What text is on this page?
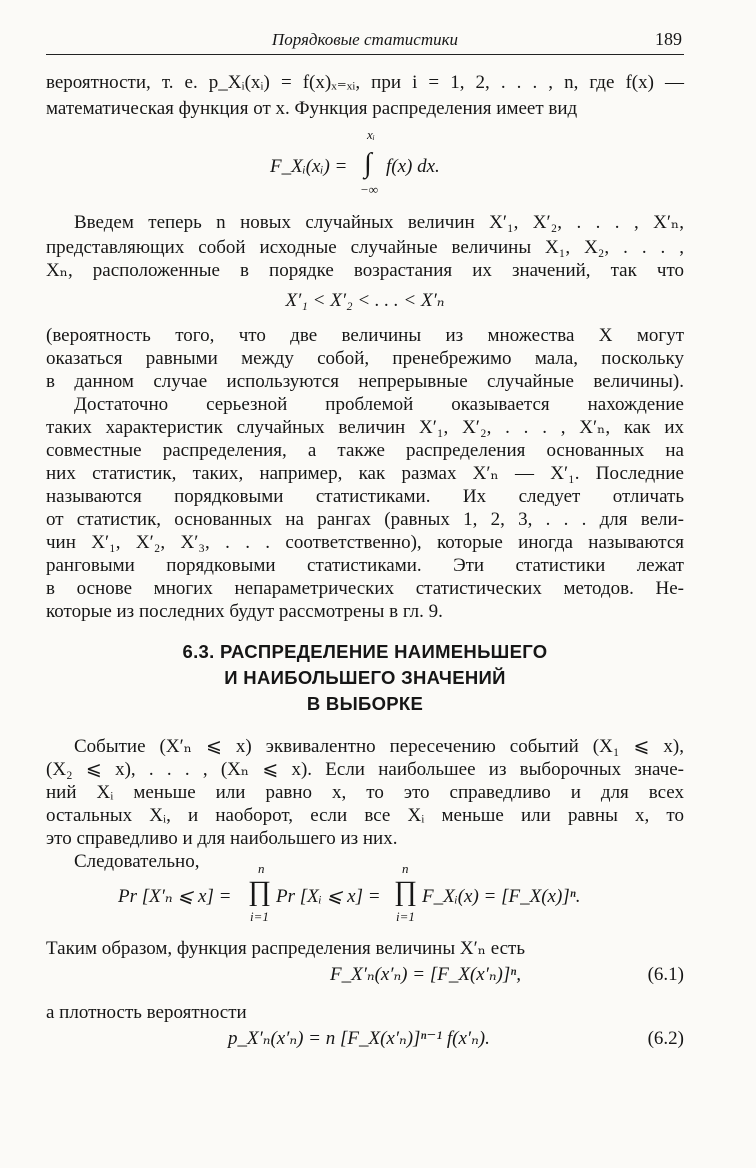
Порядковые статистики	189
вероятности, т. е. p_Xᵢ(xᵢ) = f(x)ₓ₌ₓᵢ, при i = 1, 2, . . . , n, где f(x) —
математическая функция от x. Функция распределения имеет вид
xᵢ
F_Xᵢ(xᵢ) = ∫ f(x) dx.
−∞
Введем теперь n новых случайных величин X′₁, X′₂, . . . , X′ₙ,
представляющих собой исходные случайные величины X₁, X₂, . . . ,
Xₙ, расположенные в порядке возрастания их значений, так что
X′₁ < X′₂ < . . . < X′ₙ
(вероятность того, что две величины из множества X могут
оказаться равными между собой, пренебрежимо мала, поскольку
в данном случае используются непрерывные случайные величины).
Достаточно серьезной проблемой оказывается нахождение
таких характеристик случайных величин X′₁, X′₂, . . . , X′ₙ, как их
совместные распределения, а также распределения основанных на
них статистик, таких, например, как размах X′ₙ — X′₁. Последние
называются порядковыми статистиками. Их следует отличать
от статистик, основанных на рангах (равных 1, 2, 3, . . . для вели-
чин X′₁, X′₂, X′₃, . . . соответственно), которые иногда называются
ранговыми порядковыми статистиками. Эти статистики лежат
в основе многих непараметрических статистических методов. Не-
которые из последних будут рассмотрены в гл. 9.
6.3. РАСПРЕДЕЛЕНИЕ НАИМЕНЬШЕГО
И НАИБОЛЬШЕГО ЗНАЧЕНИЙ
В ВЫБОРКЕ
Событие (X′ₙ ⩽ x) эквивалентно пересечению событий (X₁ ⩽ x),
(X₂ ⩽ x), . . . , (Xₙ ⩽ x). Если наибольшее из выборочных значе-
ний Xᵢ меньше или равно x, то это справедливо и для всех
остальных Xᵢ, и наоборот, если все Xᵢ меньше или равны x, то
это справедливо и для наибольшего из них.
Следовательно,	n	n
Pr [X′ₙ ⩽ x] = ∏ Pr [Xᵢ ⩽ x] = ∏ F_Xᵢ(x) = [F_X(x)]ⁿ.
i=1	i=1
Таким образом, функция распределения величины X′ₙ есть
F_X′ₙ(x′ₙ) = [F_X(x′ₙ)]ⁿ,	(6.1)
а плотность вероятности
p_X′ₙ(x′ₙ) = n [F_X(x′ₙ)]ⁿ⁻¹ f(x′ₙ).	(6.2)
